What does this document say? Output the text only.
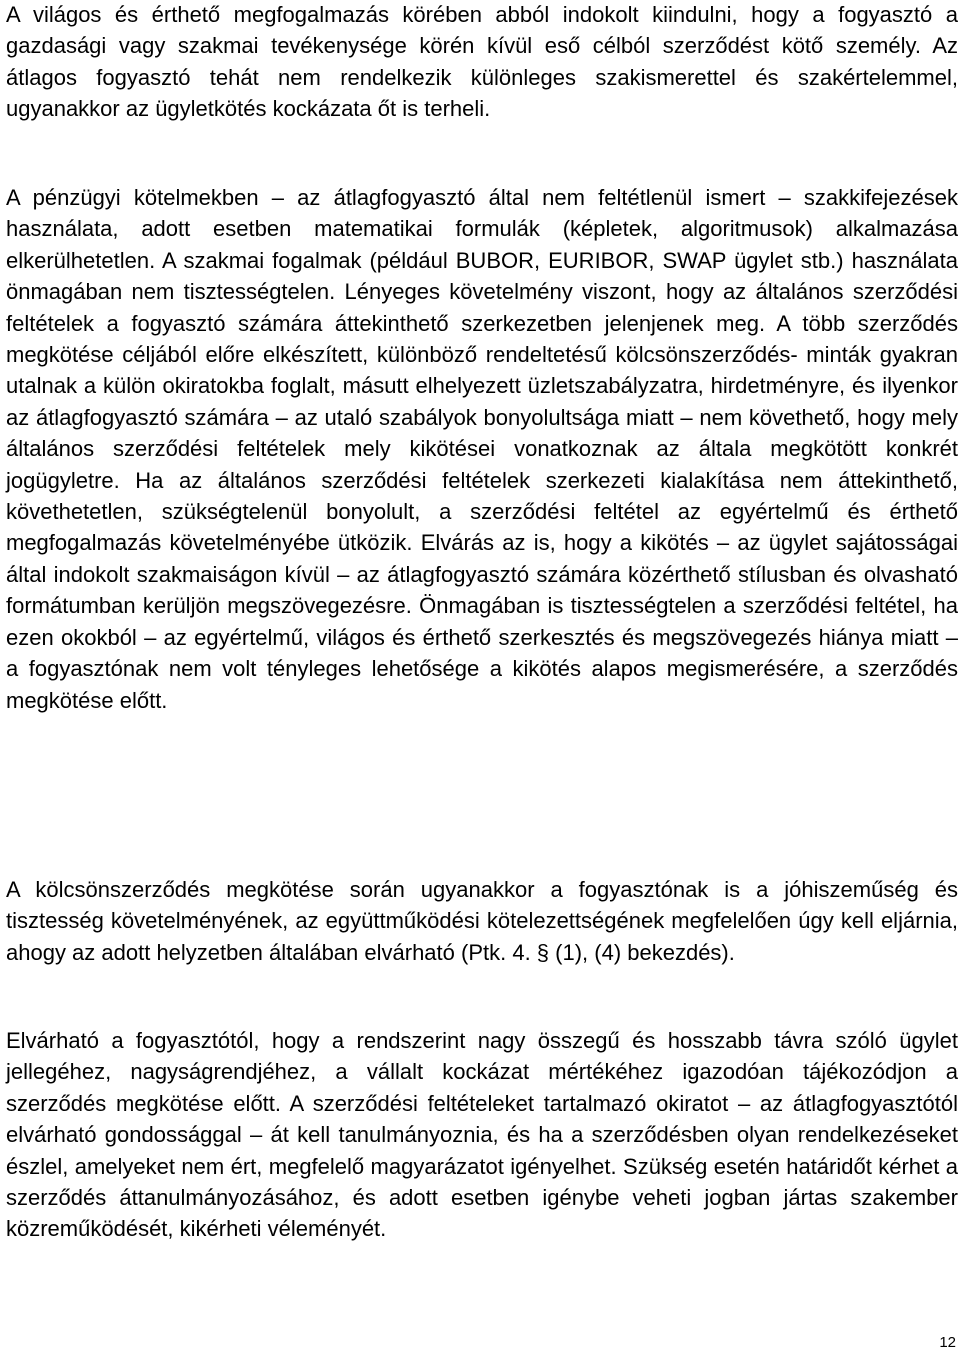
A világos és érthető megfogalmazás körében abból indokolt kiindulni, hogy a fogyasztó a gazdasági vagy szakmai tevékenysége körén kívül eső célból szerződést kötő személy. Az átlagos fogyasztó tehát nem rendelkezik különleges szakismerettel és szakértelemmel, ugyanakkor az ügyletkötés kockázata őt is terheli.

A pénzügyi kötelmekben – az átlagfogyasztó által nem feltétlenül ismert – szakkifejezések használata, adott esetben matematikai formulák (képletek, algoritmusok) alkalmazása elkerülhetetlen. A szakmai fogalmak (például BUBOR, EURIBOR, SWAP ügylet stb.) használata önmagában nem tisztességtelen. Lényeges követelmény viszont, hogy az általános szerződési feltételek a fogyasztó számára áttekinthető szerkezetben jelenjenek meg. A több szerződés megkötése céljából előre elkészített, különböző rendeltetésű kölcsönszerződés- minták gyakran utalnak a külön okiratokba foglalt, másutt elhelyezett üzletszabályzatra, hirdetményre, és ilyenkor az átlagfogyasztó számára – az utaló szabályok bonyolultsága miatt – nem követhető, hogy mely általános szerződési feltételek mely kikötései vonatkoznak az általa megkötött konkrét jogügyletre. Ha az általános szerződési feltételek szerkezeti kialakítása nem áttekinthető, követhetetlen, szükségtelenül bonyolult, a szerződési feltétel az egyértelmű és érthető megfogalmazás követelményébe ütközik. Elvárás az is, hogy a kikötés – az ügylet sajátosságai által indokolt szakmaiságon kívül – az átlagfogyasztó számára közérthető stílusban és olvasható formátumban kerüljön megszövegezésre. Önmagában is tisztességtelen a szerződési feltétel, ha ezen okokból – az egyértelmű, világos és érthető szerkesztés és megszövegezés hiánya miatt – a fogyasztónak nem volt tényleges lehetősége a kikötés alapos megismerésére, a szerződés megkötése előtt.

A kölcsönszerződés megkötése során ugyanakkor a fogyasztónak is a jóhiszeműség és tisztesség követelményének, az együttműködési kötelezettségének megfelelően úgy kell eljárnia, ahogy az adott helyzetben általában elvárható (Ptk. 4. § (1), (4) bekezdés).

Elvárható a fogyasztótól, hogy a rendszerint nagy összegű és hosszabb távra szóló ügylet jellegéhez, nagyságrendjéhez, a vállalt kockázat mértékéhez igazodóan tájékozódjon a szerződés megkötése előtt. A szerződési feltételeket tartalmazó okiratot – az átlagfogyasztótól elvárható gondossággal – át kell tanulmányoznia, és ha a szerződésben olyan rendelkezéseket észlel, amelyeket nem ért, megfelelő magyarázatot igényelhet. Szükség esetén határidőt kérhet a szerződés áttanulmányozásához, és adott esetben igénybe veheti jogban jártas szakember közreműködését, kikérheti véleményét.

12
